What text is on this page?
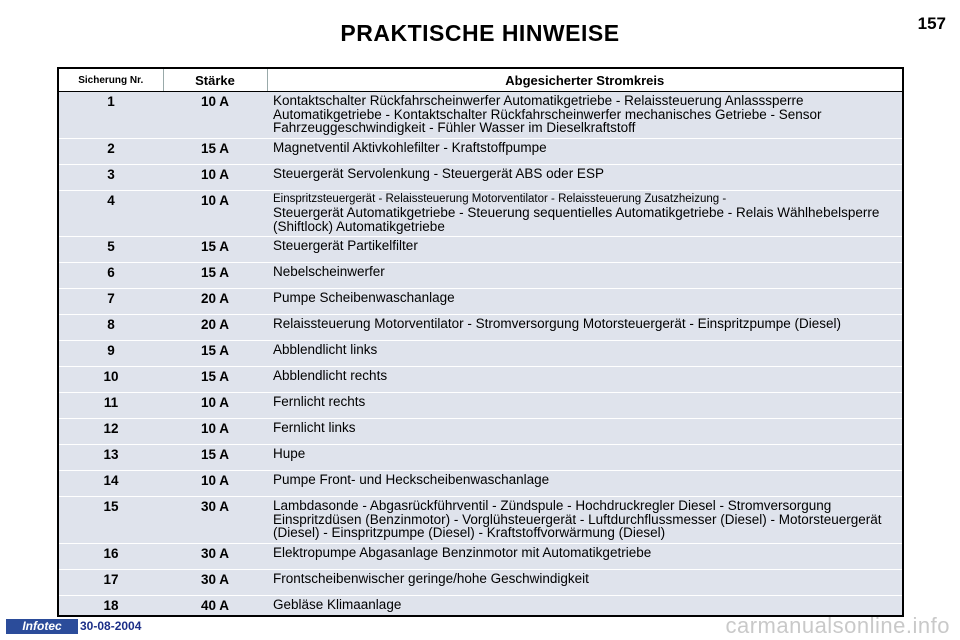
PRAKTISCHE HINWEISE	157
Sicherung Nr.	Stärke	Abgesicherter Stromkreis
1	10 A	Kontaktschalter Rückfahrscheinwerfer Automatikgetriebe - Relaissteuerung Anlasssperre Automatikgetriebe - Kontaktschalter Rückfahrscheinwerfer mechanisches Getriebe - Sensor Fahrzeuggeschwindigkeit - Fühler Wasser im Dieselkraftstoff
2	15 A	Magnetventil Aktivkohlefilter - Kraftstoffpumpe
3	10 A	Steuergerät Servolenkung - Steuergerät ABS oder ESP
4	10 A	Einspritzsteuergerät - Relaissteuerung Motorventilator - Relaissteuerung Zusatzheizung -
Steuergerät Automatikgetriebe - Steuerung sequentielles Automatikgetriebe - Relais Wählhebelsperre (Shiftlock) Automatikgetriebe

5	15 A	Steuergerät Partikelfilter
6	15 A	Nebelscheinwerfer
7	20 A	Pumpe Scheibenwaschanlage
8	20 A	Relaissteuerung Motorventilator - Stromversorgung Motorsteuergerät - Einspritzpumpe (Diesel)
9	15 A	Abblendlicht links
10	15 A	Abblendlicht rechts
11	10 A	Fernlicht rechts
12	10 A	Fernlicht links
13	15 A	Hupe
14	10 A	Pumpe Front- und Heckscheibenwaschanlage
15	30 A	Lambdasonde - Abgasrückführventil - Zündspule - Hochdruckregler Diesel - Stromversorgung Einspritzdüsen (Benzinmotor) - Vorglühsteuergerät - Luftdurchflussmesser (Diesel) - Motorsteuergerät (Diesel) - Einspritzpumpe (Diesel) - Kraftstoffvorwärmung (Diesel)
16	30 A	Elektropumpe Abgasanlage Benzinmotor mit Automatikgetriebe
17	30 A	Frontscheibenwischer geringe/hohe Geschwindigkeit
18	40 A	Gebläse Klimaanlage
Infotec	30-08-2004	carmanualsonline.info
